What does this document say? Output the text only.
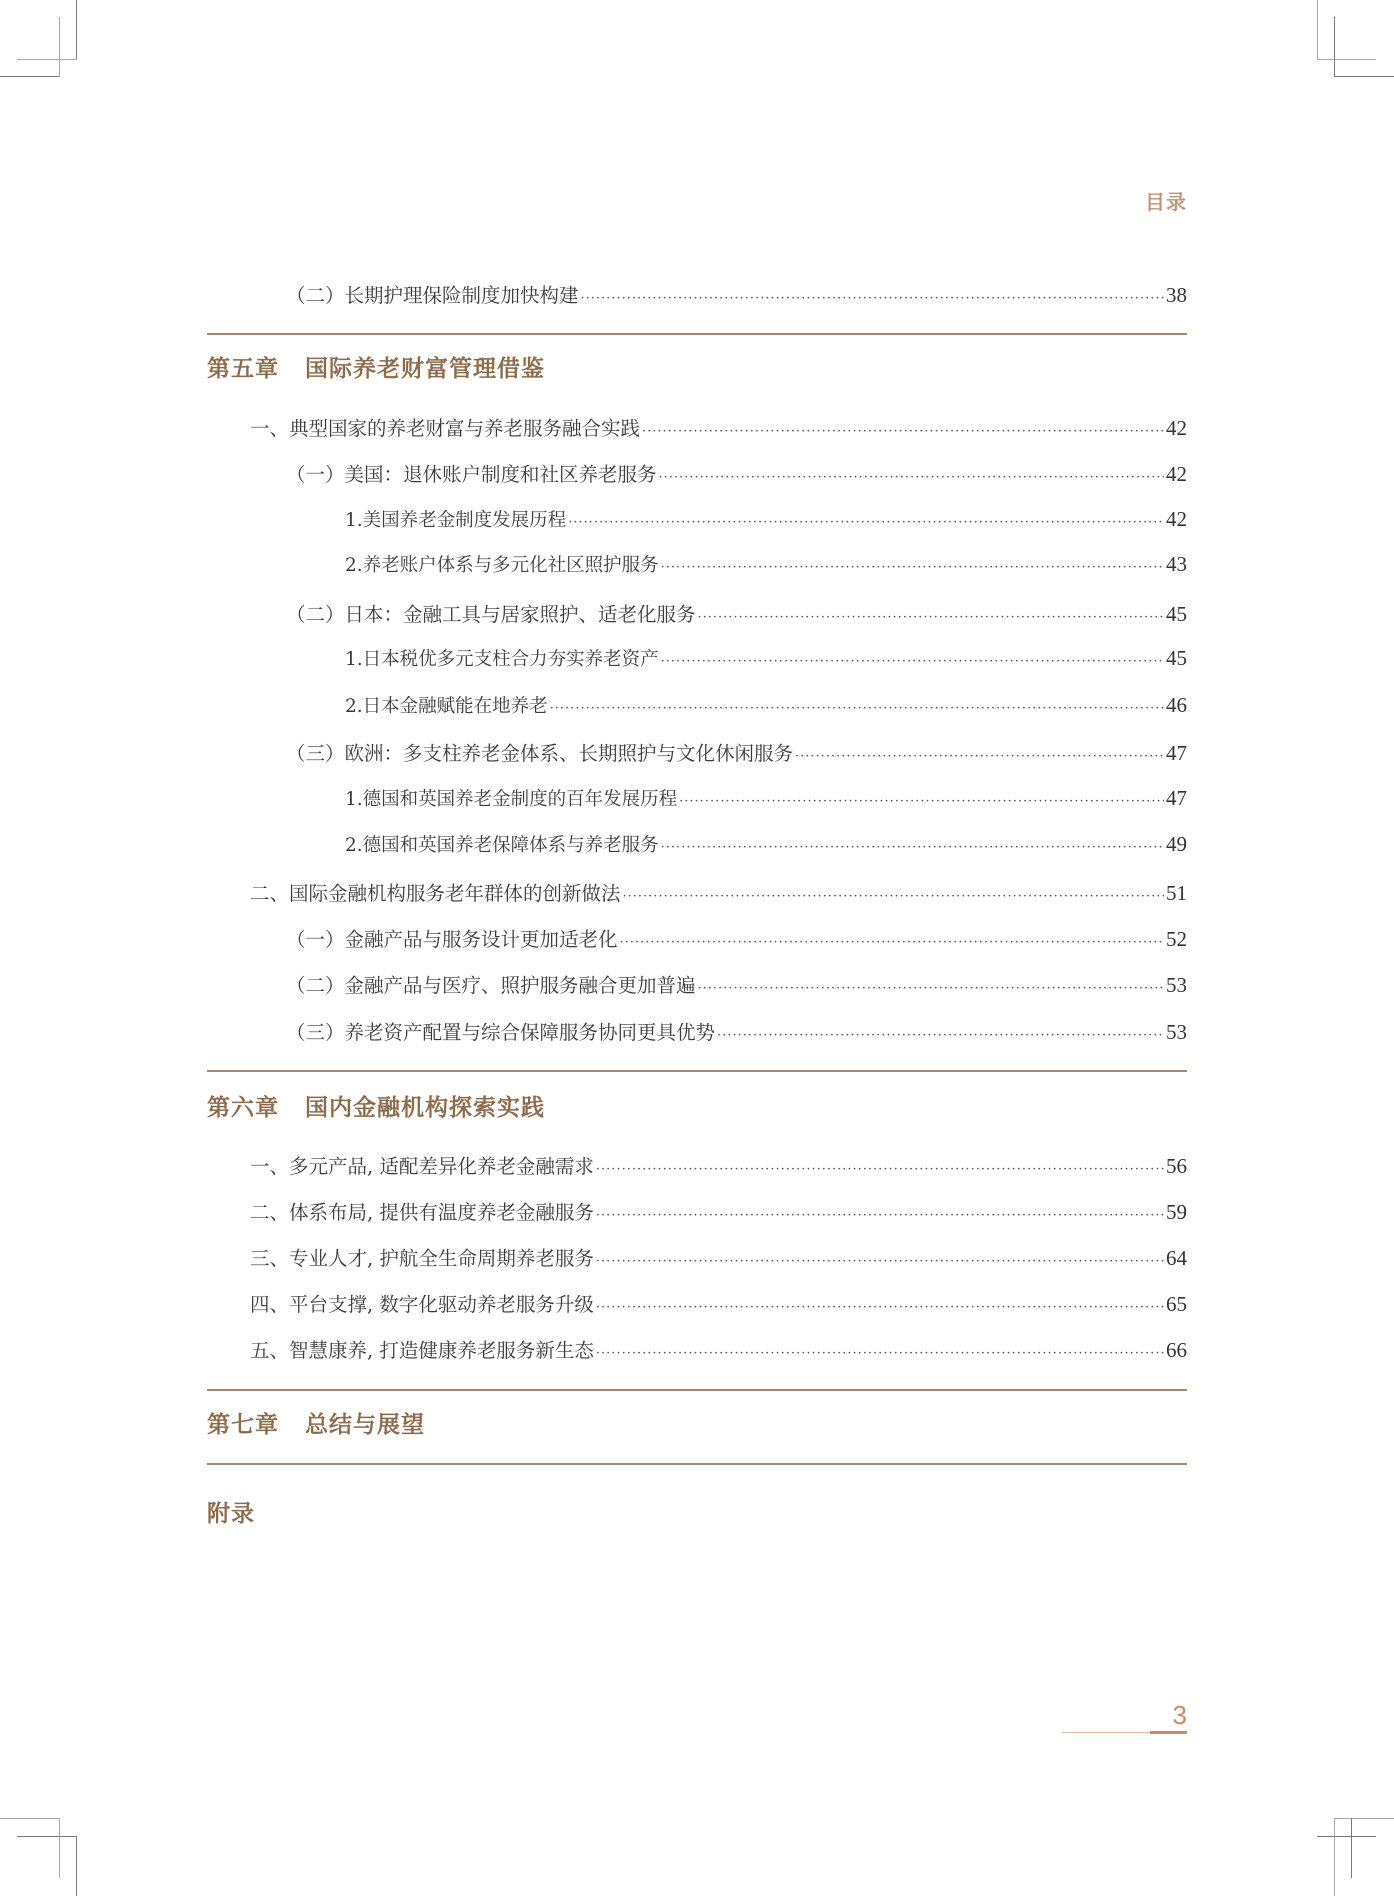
目录
（二）长期护理保险制度加快构建 ·····	38
第五章 国际养老财富管理借鉴
一、典型国家的养老财富与养老服务融合实践 ·····	42
（一）美国：退休账户制度和社区养老服务 ·····	42
1.美国养老金制度发展历程 ·····	42
2.养老账户体系与多元化社区照护服务 ·····	43
（二）日本：金融工具与居家照护、适老化服务 ·····	45
1.日本税优多元支柱合力夯实养老资产 ·····	45
2.日本金融赋能在地养老 ·····	46
（三）欧洲：多支柱养老金体系、长期照护与文化休闲服务 ·····	47
1.德国和英国养老金制度的百年发展历程 ·····	47
2.德国和英国养老保障体系与养老服务 ·····	49
二、国际金融机构服务老年群体的创新做法 ·····	51
（一）金融产品与服务设计更加适老化 ·····	52
（二）金融产品与医疗、照护服务融合更加普遍 ·····	53
（三）养老资产配置与综合保障服务协同更具优势 ·····	53
第六章 国内金融机构探索实践
一、多元产品, 适配差异化养老金融需求 ·····	56
二、体系布局, 提供有温度养老金融服务 ·····	59
三、专业人才, 护航全生命周期养老服务 ·····	64
四、平台支撑, 数字化驱动养老服务升级 ·····	65
五、智慧康养, 打造健康养老服务新生态 ·····	66
第七章 总结与展望
附录
3
